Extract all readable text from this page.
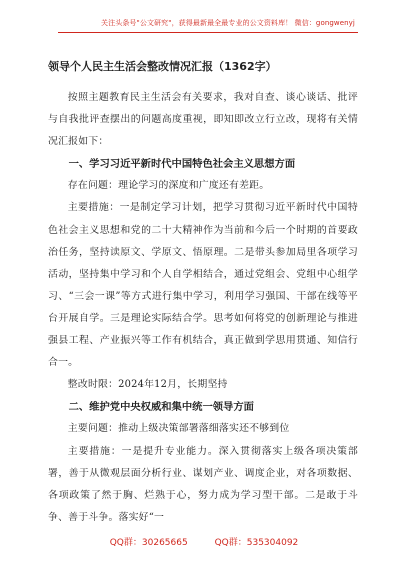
关注头条号"公文研究"，获得最新最全最专业的公文资料库！ 微信：gongwenyj

领导个人民主生活会整改情况汇报（1362字）

按照主题教育民主生活会有关要求，我对自查、谈心谈话、批评与自我批评查摆出的问题高度重视，即知即改立行立改，现将有关情况汇报如下：

一、学习习近平新时代中国特色社会主义思想方面

存在问题：理论学习的深度和广度还有差距。

主要措施：一是制定学习计划，把学习贯彻习近平新时代中国特色社会主义思想和党的二十大精神作为当前和今后一个时期的首要政治任务，坚持读原文、学原文、悟原理。二是带头参加局里各项学习活动，坚持集中学习和个人自学相结合，通过党组会、党组中心组学习、“三会一课”等方式进行集中学习，利用学习强国、干部在线等平台开展自学。三是理论实际结合学。思考如何将党的创新理论与推进强县工程、产业振兴等工作有机结合，真正做到学思用贯通、知信行合一。

整改时限：2024年12月，长期坚持

二、维护党中央权威和集中统一领导方面

主要问题：推动上级决策部署落细落实还不够到位

主要措施：一是提升专业能力。深入贯彻落实上级各项决策部署，善于从微观层面分析行业、谋划产业、调度企业，对各项数据、各项政策了然于胸、烂熟于心，努力成为学习型干部。二是敢于斗争、善于斗争。落实好“一

QQ群：30265665	QQ群：535304092
